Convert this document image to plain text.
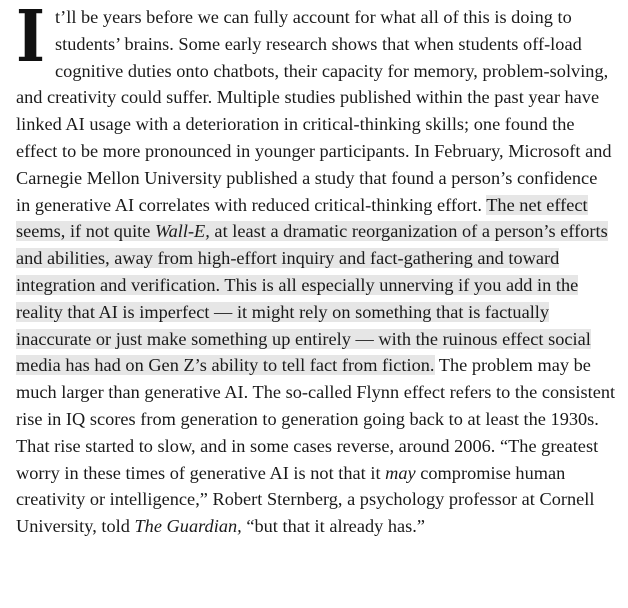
I t’ll be years before we can fully account for what all of this is doing to students’ brains. Some early research shows that when students off-load cognitive duties onto chatbots, their capacity for memory, problem-solving, and creativity could suffer. Multiple studies published within the past year have linked AI usage with a deterioration in critical-thinking skills; one found the effect to be more pronounced in younger participants. In February, Microsoft and Carnegie Mellon University published a study that found a person’s confidence in generative AI correlates with reduced critical-thinking effort. The net effect seems, if not quite Wall-E, at least a dramatic reorganization of a person’s efforts and abilities, away from high-effort inquiry and fact-gathering and toward integration and verification. This is all especially unnerving if you add in the reality that AI is imperfect — it might rely on something that is factually inaccurate or just make something up entirely — with the ruinous effect social media has had on Gen Z’s ability to tell fact from fiction. The problem may be much larger than generative AI. The so-called Flynn effect refers to the consistent rise in IQ scores from generation to generation going back to at least the 1930s. That rise started to slow, and in some cases reverse, around 2006. “The greatest worry in these times of generative AI is not that it may compromise human creativity or intelligence,” Robert Sternberg, a psychology professor at Cornell University, told The Guardian, “but that it already has.”
